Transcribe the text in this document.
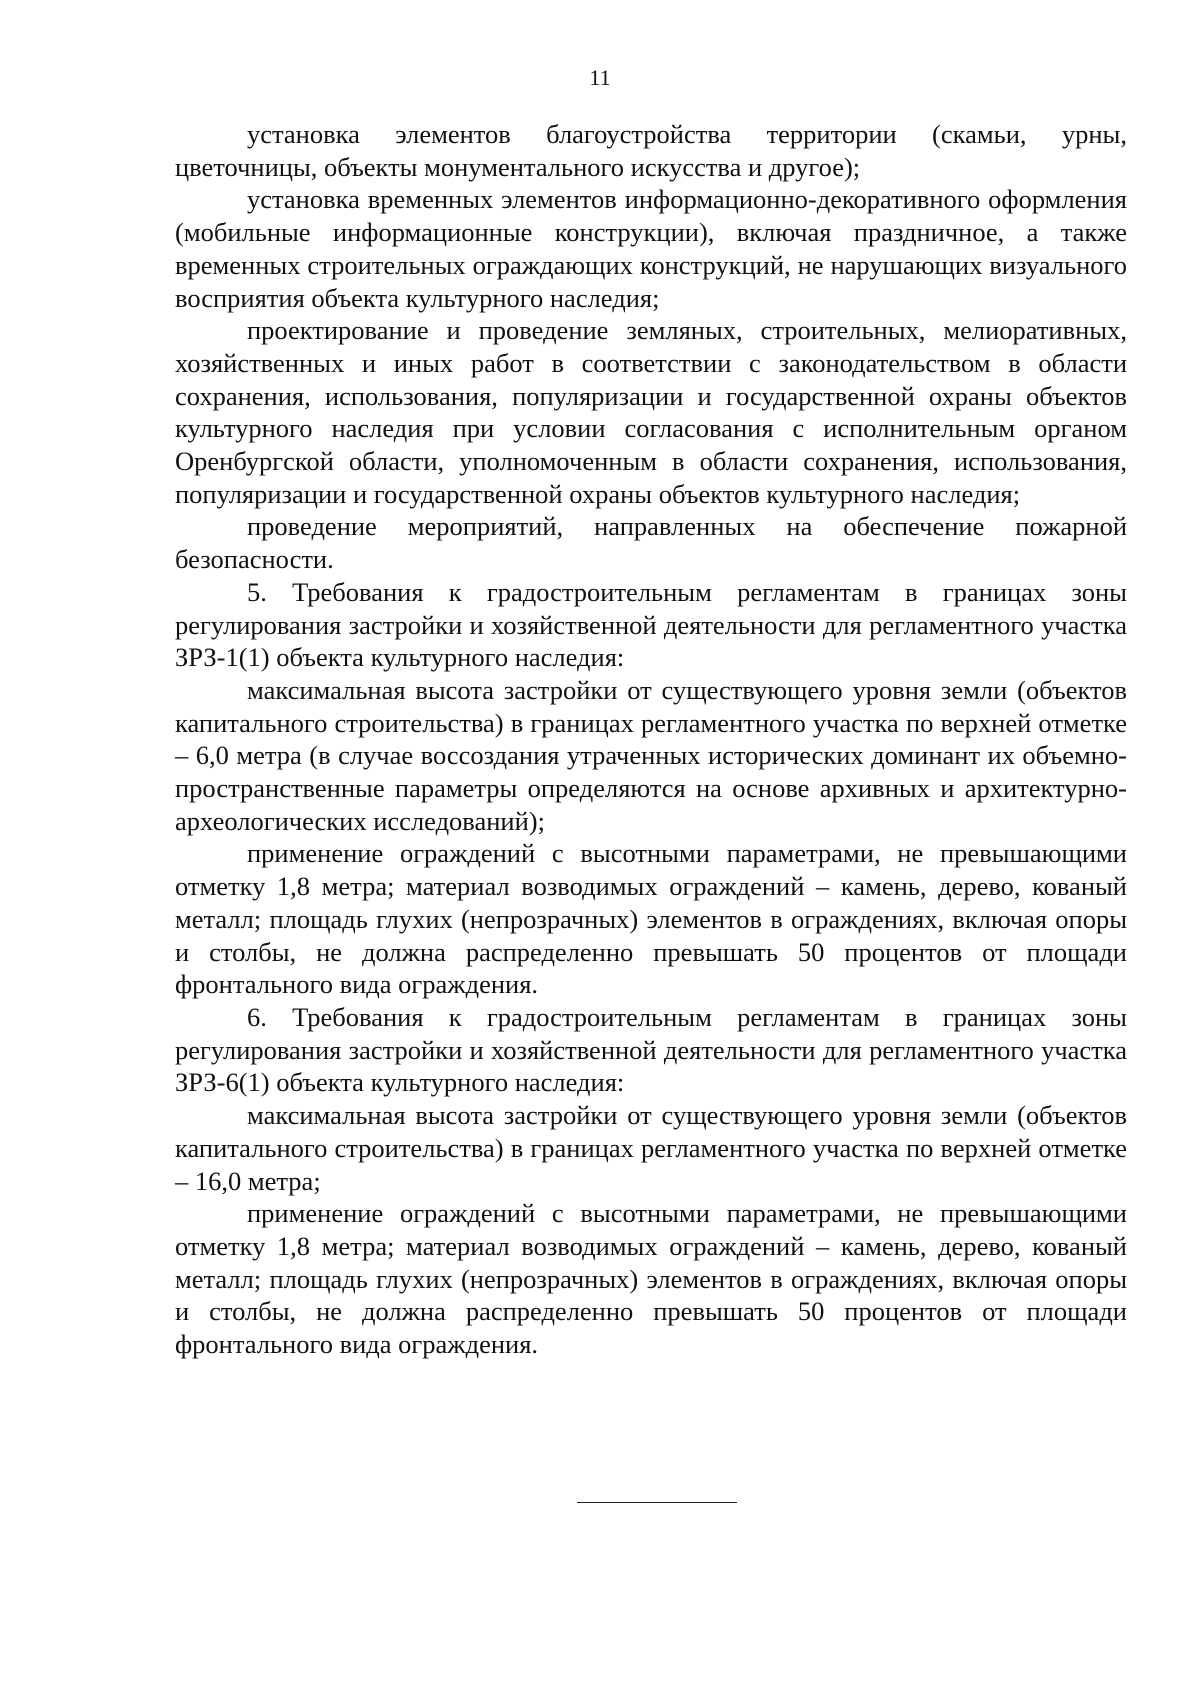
11

установка элементов благоустройства территории (скамьи, урны, цветочницы, объекты монументального искусства и другое);

установка временных элементов информационно-декоративного оформления (мобильные информационные конструкции), включая праздничное, а также временных строительных ограждающих конструкций, не нарушающих визуального восприятия объекта культурного наследия;

проектирование и проведение земляных, строительных, мелиоративных, хозяйственных и иных работ в соответствии с законодательством в области сохранения, использования, популяризации и государственной охраны объектов культурного наследия при условии согласования с исполнительным органом Оренбургской области, уполномоченным в области сохранения, использования, популяризации и государственной охраны объектов культурного наследия;

проведение мероприятий, направленных на обеспечение пожарной безопасности.

5. Требования к градостроительным регламентам в границах зоны регулирования застройки и хозяйственной деятельности для регламентного участка ЗРЗ-1(1) объекта культурного наследия:

максимальная высота застройки от существующего уровня земли (объектов капитального строительства) в границах регламентного участка по верхней отметке – 6,0 метра (в случае воссоздания утраченных исторических доминант их объемно-пространственные параметры определяются на основе архивных и архитектурно-археологических исследований);

применение ограждений с высотными параметрами, не превышающими отметку 1,8 метра; материал возводимых ограждений – камень, дерево, кованый металл; площадь глухих (непрозрачных) элементов в ограждениях, включая опоры и столбы, не должна распределенно превышать 50 процентов от площади фронтального вида ограждения.

6. Требования к градостроительным регламентам в границах зоны регулирования застройки и хозяйственной деятельности для регламентного участка ЗРЗ-6(1) объекта культурного наследия:

максимальная высота застройки от существующего уровня земли (объектов капитального строительства) в границах регламентного участка по верхней отметке – 16,0 метра;

применение ограждений с высотными параметрами, не превышающими отметку 1,8 метра; материал возводимых ограждений – камень, дерево, кованый металл; площадь глухих (непрозрачных) элементов в ограждениях, включая опоры и столбы, не должна распределенно превышать 50 процентов от площади фронтального вида ограждения.
